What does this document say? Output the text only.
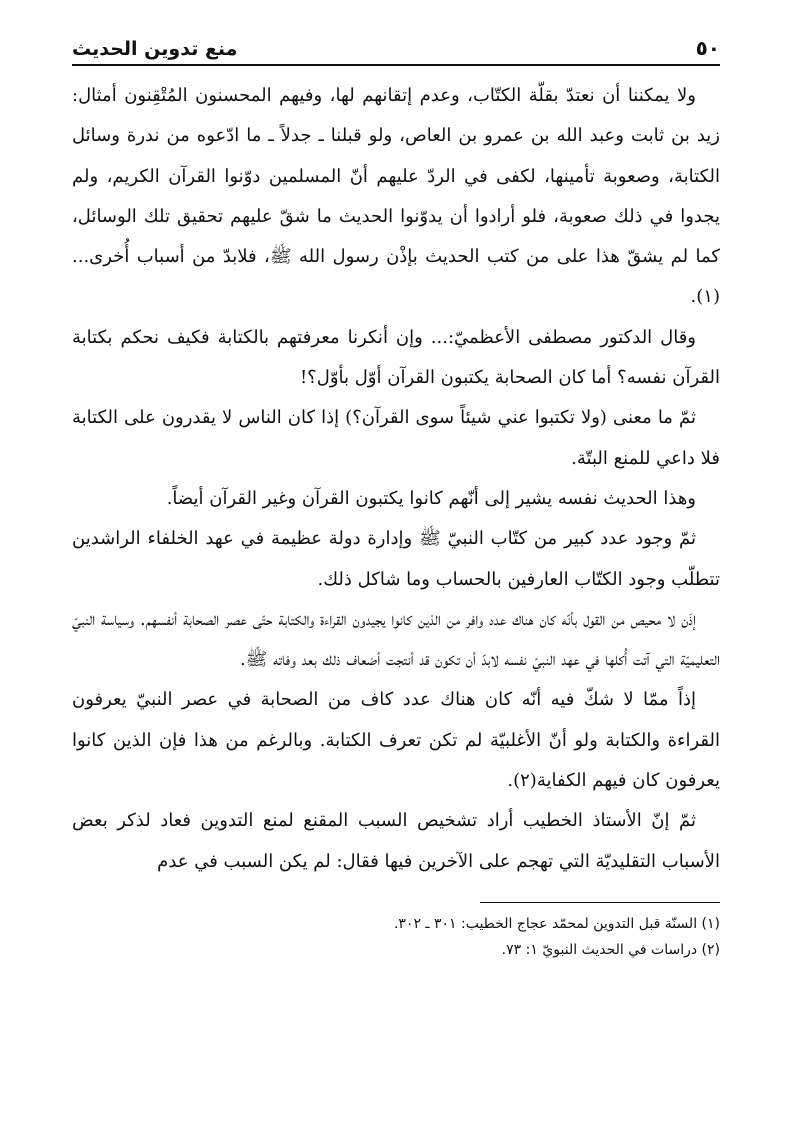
٥٠
منع تدوين الحديث

ولا يمكننا أن نعتدّ بقلّة الكتّاب، وعدم إتقانهم لها، وفيهم المحسنون المُتْقِنون أمثال: زيد بن ثابت وعبد الله بن عمرو بن العاص، ولو قبلنا ـ جدلاً ـ ما ادّعوه من ندرة وسائل الكتابة، وصعوبة تأمينها، لكفى في الردّ عليهم أنّ المسلمين دوّنوا القرآن الكريم، ولم يجدوا في ذلك صعوبة، فلو أرادوا أن يدوّنوا الحديث ما شقّ عليهم تحقيق تلك الوسائل، كما لم يشقّ هذا على من كتب الحديث بإذْن رسول الله ﷺ، فلابدّ من أسباب أُخرى...(١).

وقال الدكتور مصطفى الأعظميّ:... وإن أنكرنا معرفتهم بالكتابة فكيف نحكم بكتابة القرآن نفسه؟ أما كان الصحابة يكتبون القرآن أوّل بأوّل؟!

ثمّ ما معنى (ولا تكتبوا عني شيئاً سوى القرآن؟) إذا كان الناس لا يقدرون على الكتابة فلا داعي للمنع البتّة.

وهذا الحديث نفسه يشير إلى أنّهم كانوا يكتبون القرآن وغير القرآن أيضاً.

ثمّ وجود عدد كبير من كتّاب النبيّ ﷺ وإدارة دولة عظيمة في عهد الخلفاء الراشدين تتطلّب وجود الكتّاب العارفين بالحساب وما شاكل ذلك.

إذَن لا محيص من القول بأنّه كان هناك عدد وافر من الذين كانوا يجيدون القراءة والكتابة حتّى عصر الصحابة أنفسهم. وسياسة النبيّ التعليميّة التي آتت أُكلها في عهد النبيّ نفسه لابدّ أن تكون قد أنتجت أضعاف ذلك بعد وفاته ﷺ.

إذاً ممّا لا شكّ فيه أنّه كان هناك عدد كاف من الصحابة في عصر النبيّ يعرفون القراءة والكتابة ولو أنّ الأغلبيّة لم تكن تعرف الكتابة. وبالرغم من هذا فإن الذين كانوا يعرفون كان فيهم الكفاية(٢).

ثمّ إنّ الأستاذ الخطيب أراد تشخيص السبب المقنع لمنع التدوين فعاد لذكر بعض الأسباب التقليديّة التي تهجم على الآخرين فيها فقال: لم يكن السبب في عدم

(١) السنّة قبل التدوين لمحمّد عجاج الخطيب: ٣٠١ ـ ٣٠٢.

(٢) دراسات في الحديث النبويّ ١: ٧٣.
